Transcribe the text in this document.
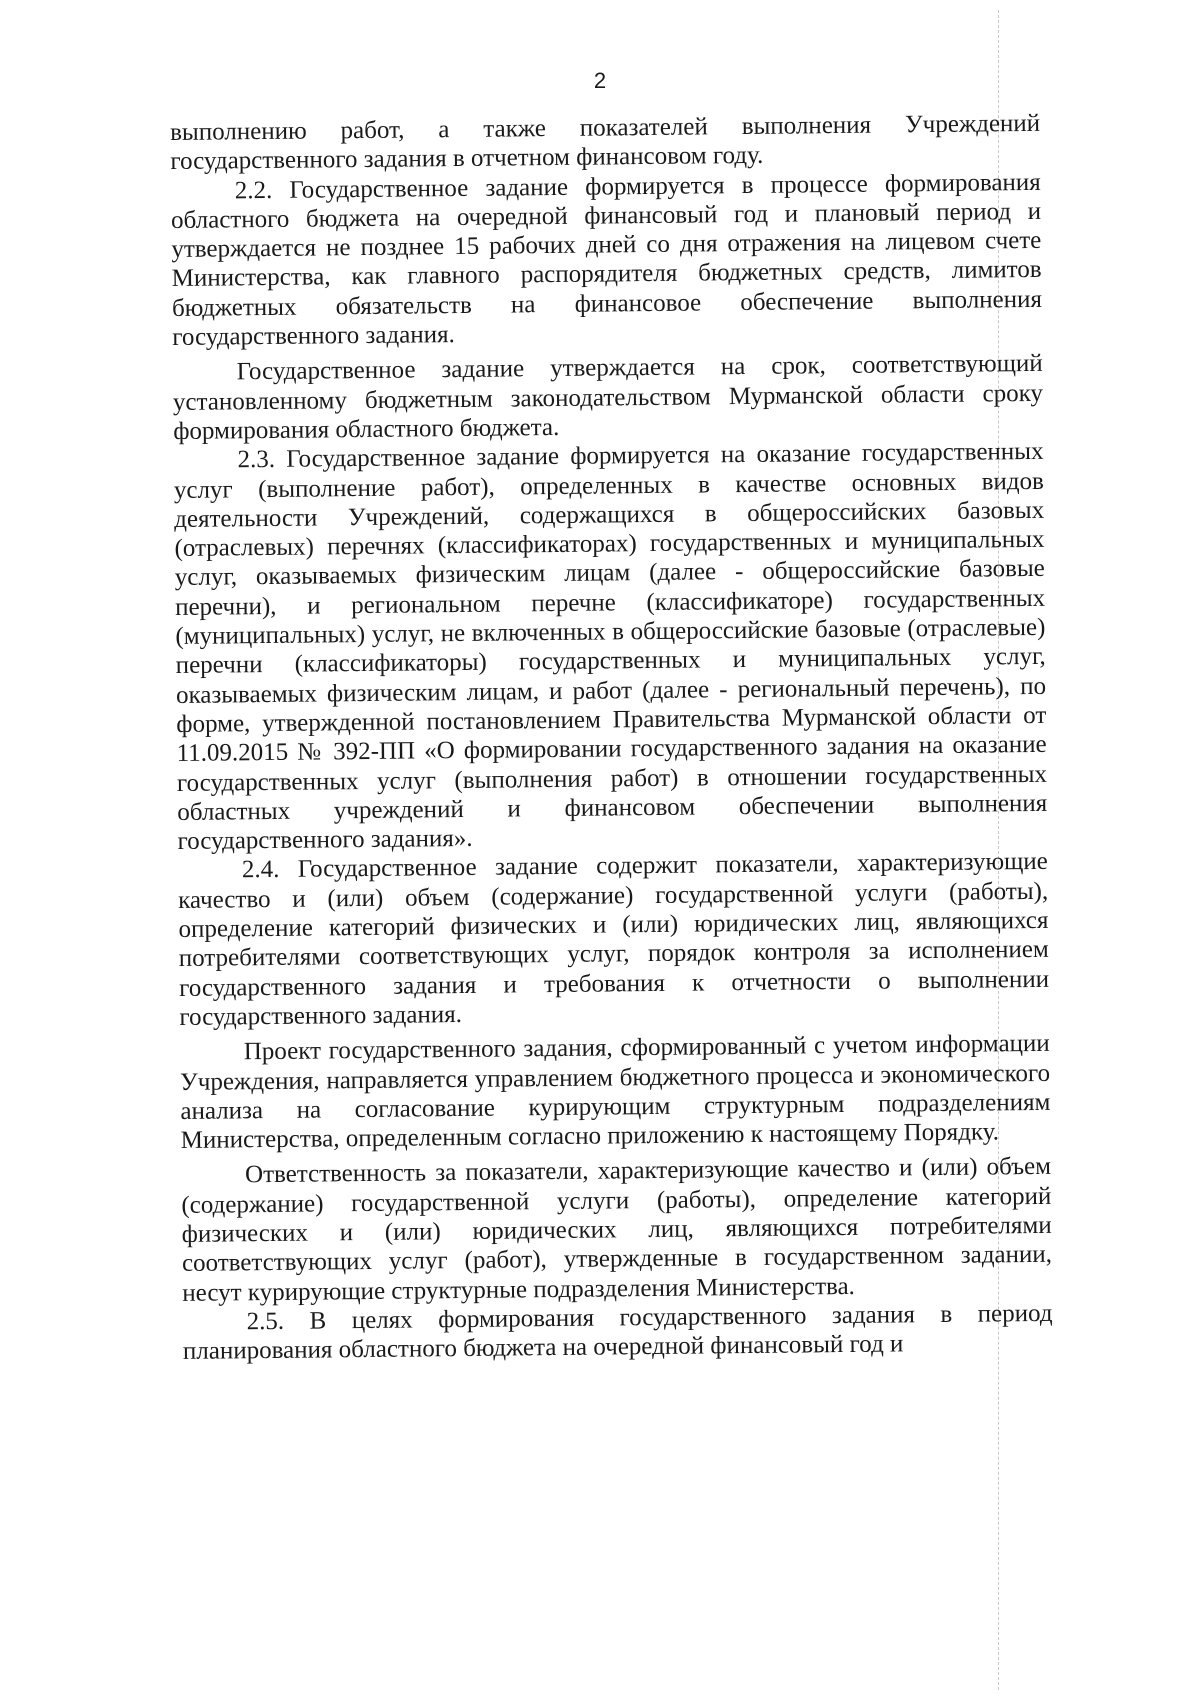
2

выполнению работ, а также показателей выполнения Учреждений государственного задания в отчетном финансовом году.

2.2. Государственное задание формируется в процессе формирования областного бюджета на очередной финансовый год и плановый период и утверждается не позднее 15 рабочих дней со дня отражения на лицевом счете Министерства, как главного распорядителя бюджетных средств, лимитов бюджетных обязательств на финансовое обеспечение выполнения государственного задания.

Государственное задание утверждается на срок, соответствующий установленному бюджетным законодательством Мурманской области сроку формирования областного бюджета.

2.3. Государственное задание формируется на оказание государственных услуг (выполнение работ), определенных в качестве основных видов деятельности Учреждений, содержащихся в общероссийских базовых (отраслевых) перечнях (классификаторах) государственных и муниципальных услуг, оказываемых физическим лицам (далее - общероссийские базовые перечни), и региональном перечне (классификаторе) государственных (муниципальных) услуг, не включенных в общероссийские базовые (отраслевые) перечни (классификаторы) государственных и муниципальных услуг, оказываемых физическим лицам, и работ (далее - региональный перечень), по форме, утвержденной постановлением Правительства Мурманской области от 11.09.2015 № 392-ПП «О формировании государственного задания на оказание государственных услуг (выполнения работ) в отношении государственных областных учреждений и финансовом обеспечении выполнения государственного задания».

2.4. Государственное задание содержит показатели, характеризующие качество и (или) объем (содержание) государственной услуги (работы), определение категорий физических и (или) юридических лиц, являющихся потребителями соответствующих услуг, порядок контроля за исполнением государственного задания и требования к отчетности о выполнении государственного задания.

Проект государственного задания, сформированный с учетом информации Учреждения, направляется управлением бюджетного процесса и экономического анализа на согласование курирующим структурным подразделениям Министерства, определенным согласно приложению к настоящему Порядку.

Ответственность за показатели, характеризующие качество и (или) объем (содержание) государственной услуги (работы), определение категорий физических и (или) юридических лиц, являющихся потребителями соответствующих услуг (работ), утвержденные в государственном задании, несут курирующие структурные подразделения Министерства.

2.5. В целях формирования государственного задания в период планирования областного бюджета на очередной финансовый год и
